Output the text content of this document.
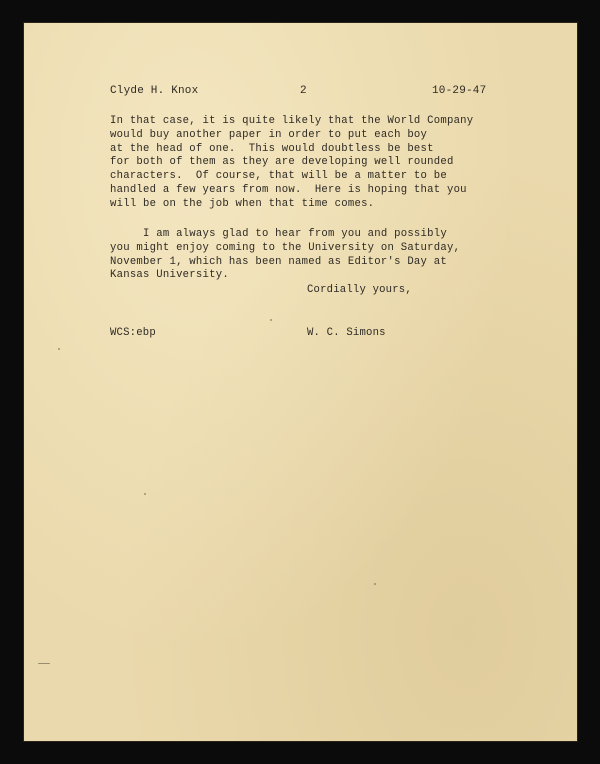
Clyde H. Knox	2	10-29-47
In that case, it is quite likely that the World Company
would buy another paper in order to put each boy
at the head of one.  This would doubtless be best
for both of them as they are developing well rounded
characters.  Of course, that will be a matter to be
handled a few years from now.  Here is hoping that you
will be on the job when that time comes.
I am always glad to hear from you and possibly
you might enjoy coming to the University on Saturday,
November 1, which has been named as Editor's Day at
Kansas University.
Cordially yours,
WCS:ebp	W. C. Simons
